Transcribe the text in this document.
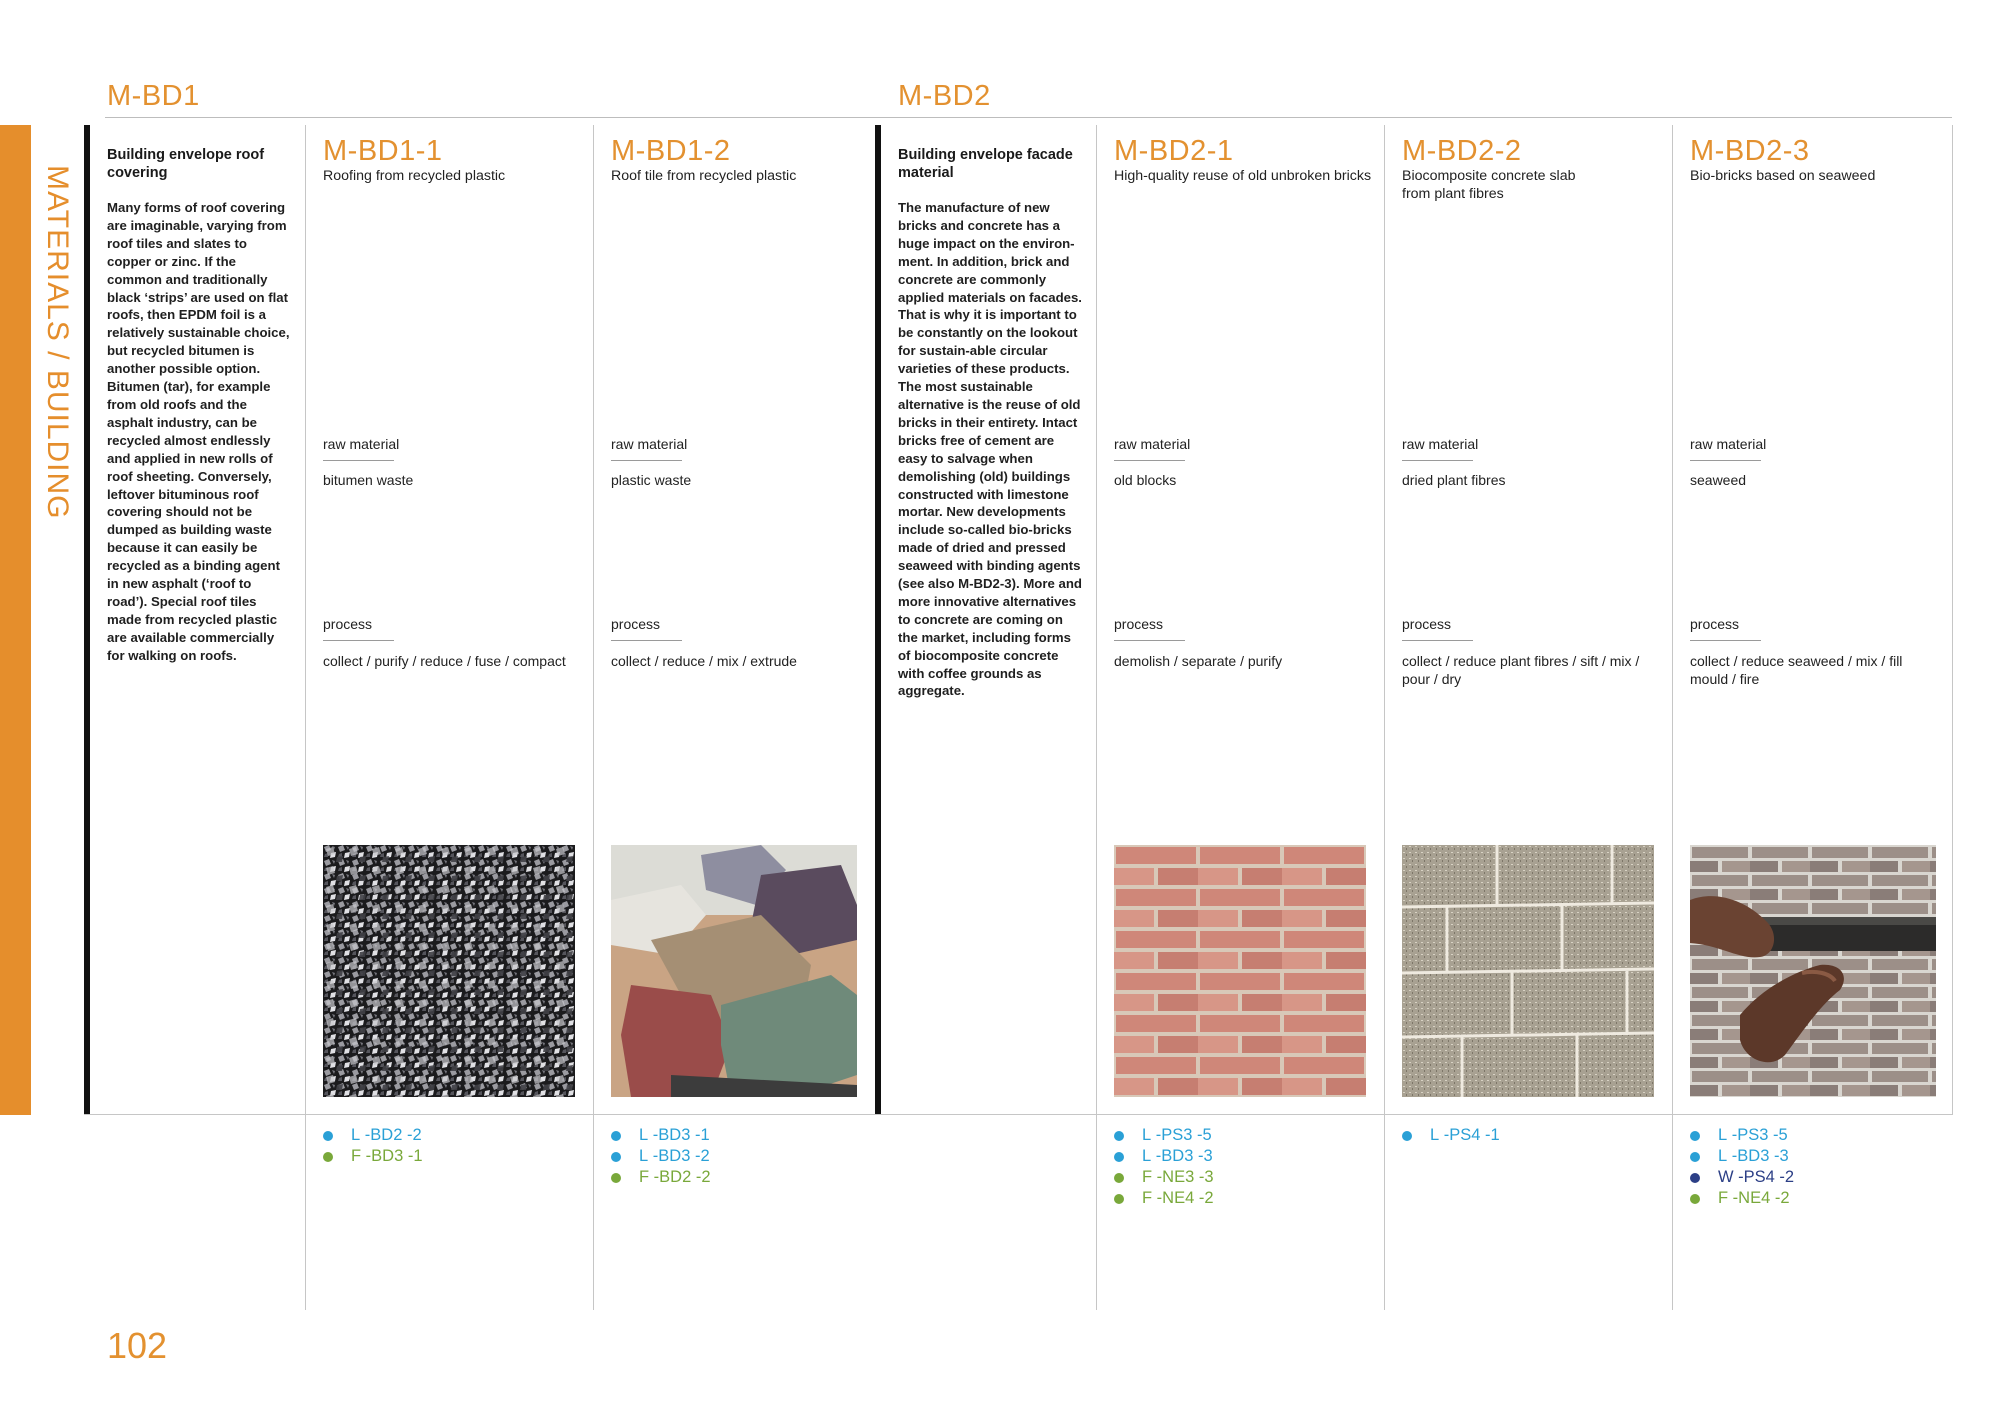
MATERIALS / BUILDING
M-BD1	M-BD2
Building envelope roof covering
Many forms of roof covering are imaginable, varying from roof tiles and slates to copper or zinc. If the common and traditionally black ‘strips’ are used on flat roofs, then EPDM foil is a relatively sustainable choice, but recycled bitumen is another possible option. Bitumen (tar), for example from old roofs and the asphalt industry, can be recycled almost endlessly and applied in new rolls of roof sheeting. Conversely, leftover bituminous roof covering should not be dumped as building waste because it can easily be recycled as a binding agent in new asphalt (‘roof to road’). Special roof tiles made from recycled plastic are available commercially for walking on roofs.
Building envelope facade material
The manufacture of new bricks and concrete has a huge impact on the environ-ment. In addition, brick and concrete are commonly applied materials on facades. That is why it is important to be constantly on the lookout for sustain-able circular varieties of these products.
The most sustainable alternative is the reuse of old bricks in their entirety. Intact bricks free of cement are easy to salvage when demolishing (old) buildings constructed with limestone mortar. New developments include so-called bio-bricks made of dried and pressed seaweed with binding agents (see also M-BD2-3). More and more innovative alternatives to concrete are coming on the market, including forms of biocomposite concrete with coffee grounds as aggregate.
M-BD1-1
Roofing from recycled plastic
raw material
bitumen waste
process
collect / purify / reduce / fuse / compact
L -BD2 -2
F -BD3 -1
M-BD1-2
Roof tile from recycled plastic
raw material
plastic waste
process
collect / reduce / mix / extrude
L -BD3 -1
L -BD3 -2
F -BD2 -2
M-BD2-1
High-quality reuse of old unbroken bricks
raw material
old blocks
process
demolish / separate / purify
L -PS3 -5
L -BD3 -3
F -NE3 -3
F -NE4 -2
M-BD2-2
Biocomposite concrete slab from plant fibres
raw material
dried plant fibres
process
collect / reduce plant fibres / sift / mix / pour / dry
L -PS4 -1
M-BD2-3
Bio-bricks based on seaweed
raw material
seaweed
process
collect / reduce seaweed / mix / fill mould / fire
L -PS3 -5
L -BD3 -3
W -PS4 -2
F -NE4 -2
102
